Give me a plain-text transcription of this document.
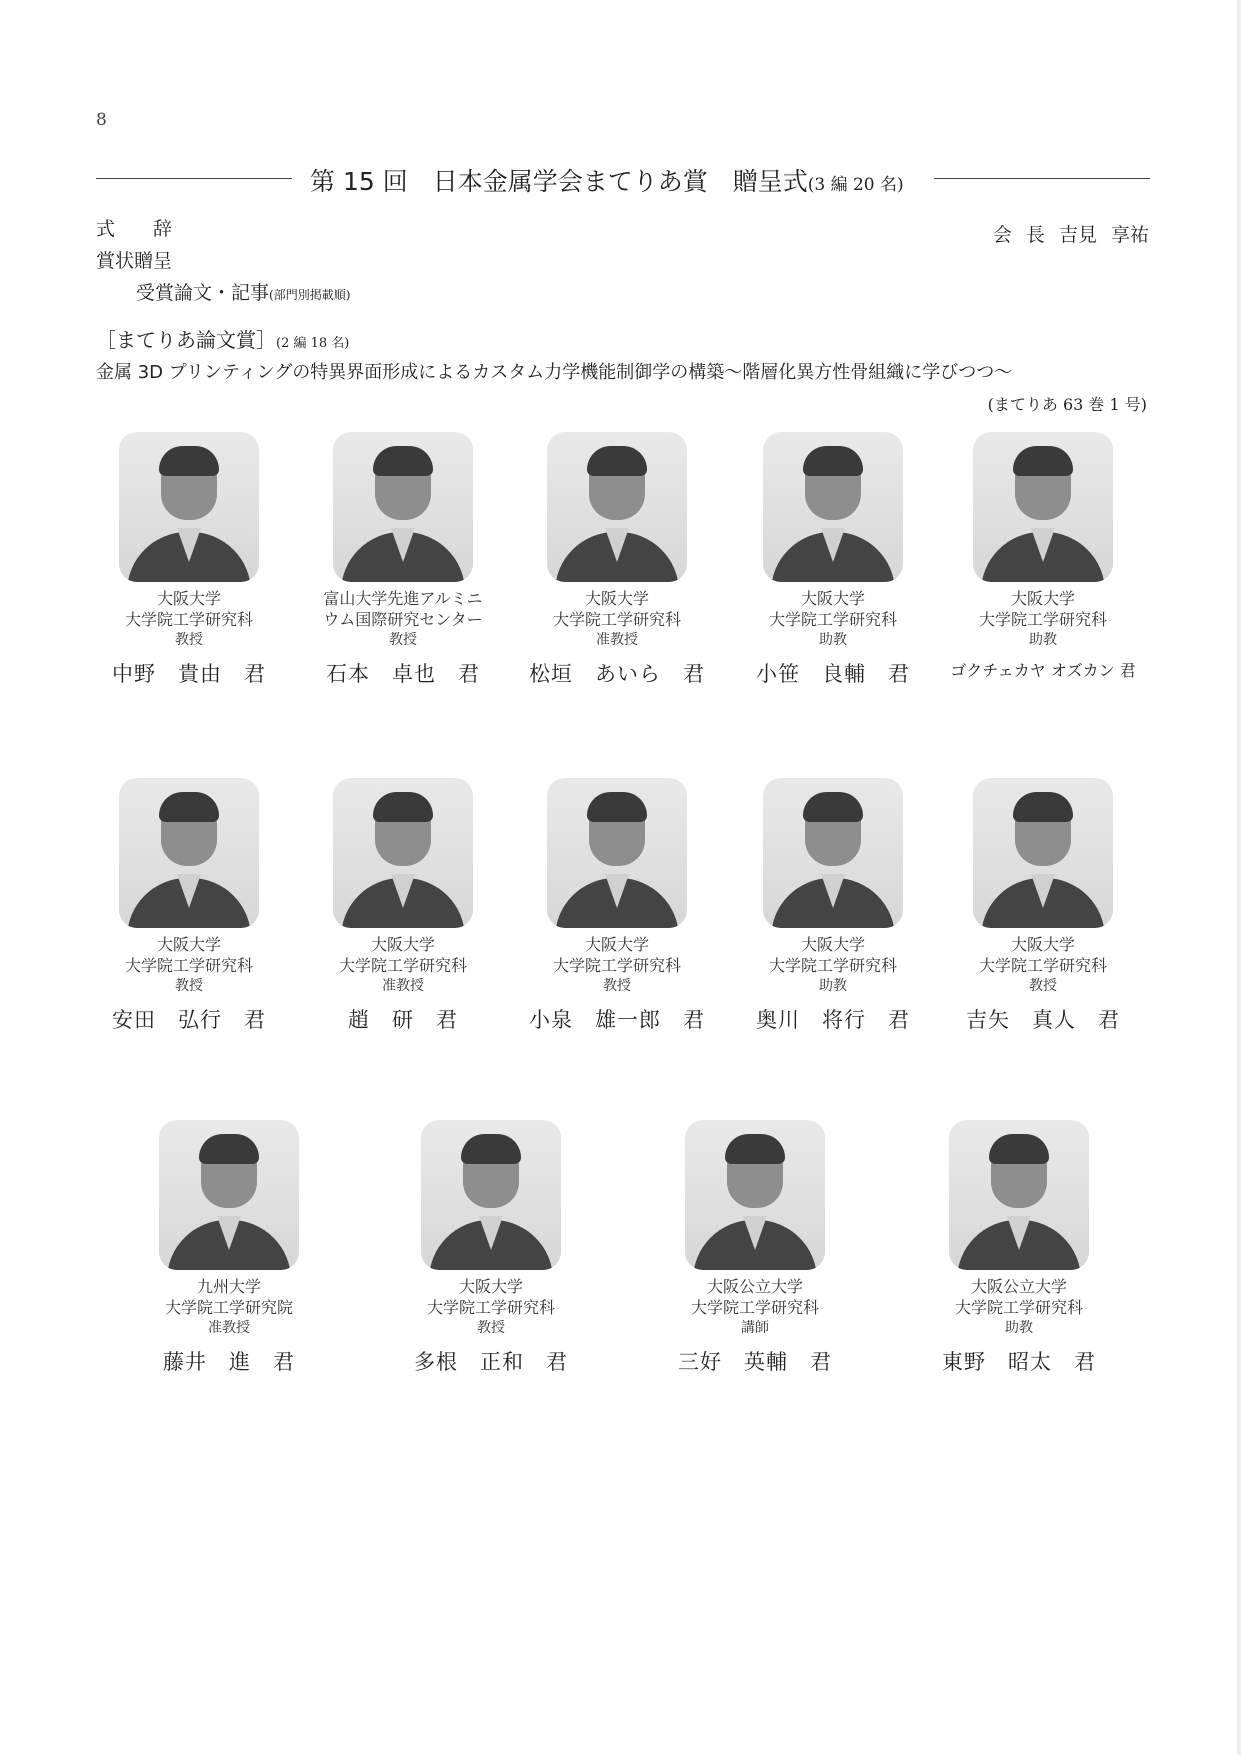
8
第 15 回　日本金属学会まてりあ賞　贈呈式(3 編 20 名)
式　　辞
賞状贈呈
受賞論文・記事(部門別掲載順)
会 長 吉見 享祐
［まてりあ論文賞］(2 編 18 名)
金属 3D プリンティングの特異界面形成によるカスタム力学機能制御学の構築～階層化異方性骨組織に学びつつ～
(まてりあ 63 巻 1 号)
大阪大学
大学院工学研究科
教授
中野　貴由　君
富山大学先進アルミニ
ウム国際研究センター
教授
石本　卓也　君
大阪大学
大学院工学研究科
准教授
松垣　あいら　君
大阪大学
大学院工学研究科
助教
小笹　良輔　君
大阪大学
大学院工学研究科
助教
ゴクチェカヤ オズカン 君
大阪大学
大学院工学研究科
教授
安田　弘行　君
大阪大学
大学院工学研究科
准教授
趙　研　君
大阪大学
大学院工学研究科
教授
小泉　雄一郎　君
大阪大学
大学院工学研究科
助教
奥川　将行　君
大阪大学
大学院工学研究科
教授
吉矢　真人　君
九州大学
大学院工学研究院
准教授
藤井　進　君
大阪大学
大学院工学研究科
教授
多根　正和　君
大阪公立大学
大学院工学研究科
講師
三好　英輔　君
大阪公立大学
大学院工学研究科
助教
東野　昭太　君
